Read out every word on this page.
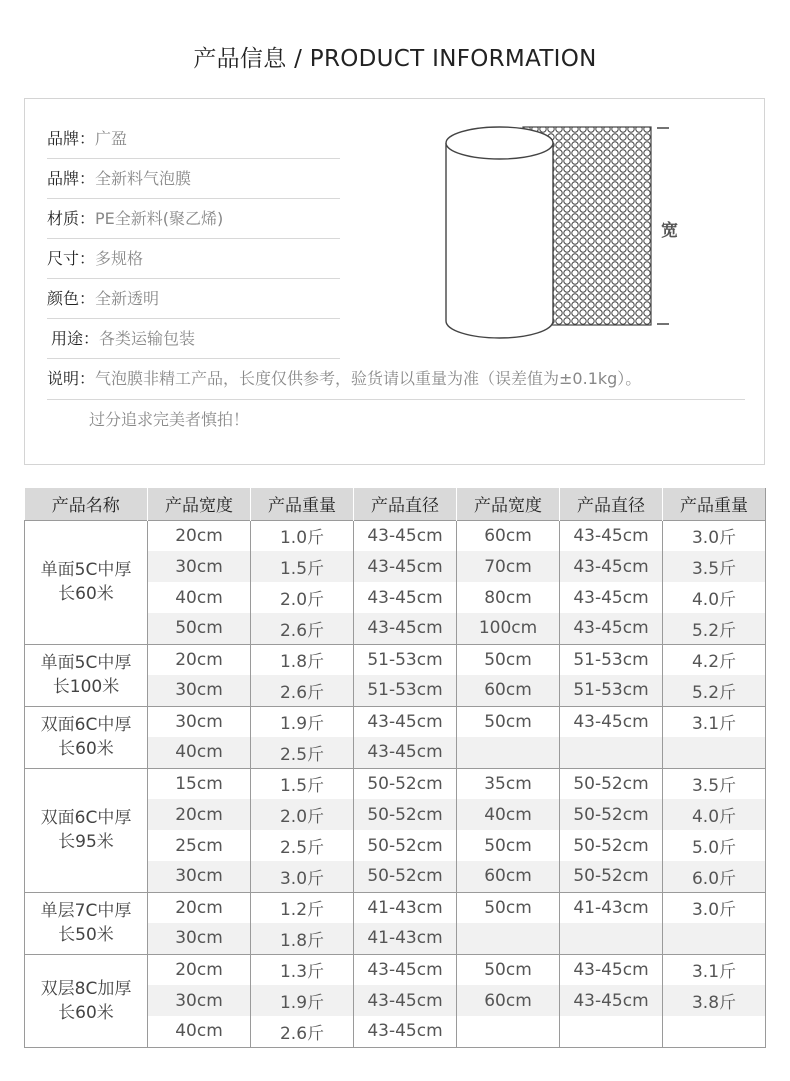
产品信息 / PRODUCT INFORMATION
品牌：广盈
品牌：全新料气泡膜
材质：PE全新料(聚乙烯)
尺寸：多规格
颜色：全新透明
用途：各类运输包装
说明：气泡膜非精工产品，长度仅供参考，验货请以重量为准（误差值为±0.1kg）。
过分追求完美者慎拍！
宽
产品名称	产品宽度	产品重量	产品直径	产品宽度	产品直径	产品重量

单面5C中厚
长60米	20cm	1.0斤	43-45cm	60cm	43-45cm	3.0斤
	30cm	1.5斤	43-45cm	70cm	43-45cm	3.5斤
	40cm	2.0斤	43-45cm	80cm	43-45cm	4.0斤
	50cm	2.6斤	43-45cm	100cm	43-45cm	5.2斤

单面5C中厚
长100米	20cm	1.8斤	51-53cm	50cm	51-53cm	4.2斤
	30cm	2.6斤	51-53cm	60cm	51-53cm	5.2斤

双面6C中厚
长60米	30cm	1.9斤	43-45cm	50cm	43-45cm	3.1斤
	40cm	2.5斤	43-45cm			

双面6C中厚
长95米	15cm	1.5斤	50-52cm	35cm	50-52cm	3.5斤
	20cm	2.0斤	50-52cm	40cm	50-52cm	4.0斤
	25cm	2.5斤	50-52cm	50cm	50-52cm	5.0斤
	30cm	3.0斤	50-52cm	60cm	50-52cm	6.0斤

单层7C中厚
长50米	20cm	1.2斤	41-43cm	50cm	41-43cm	3.0斤
	30cm	1.8斤	41-43cm			

双层8C加厚
长60米	20cm	1.3斤	43-45cm	50cm	43-45cm	3.1斤
	30cm	1.9斤	43-45cm	60cm	43-45cm	3.8斤
	40cm	2.6斤	43-45cm			
